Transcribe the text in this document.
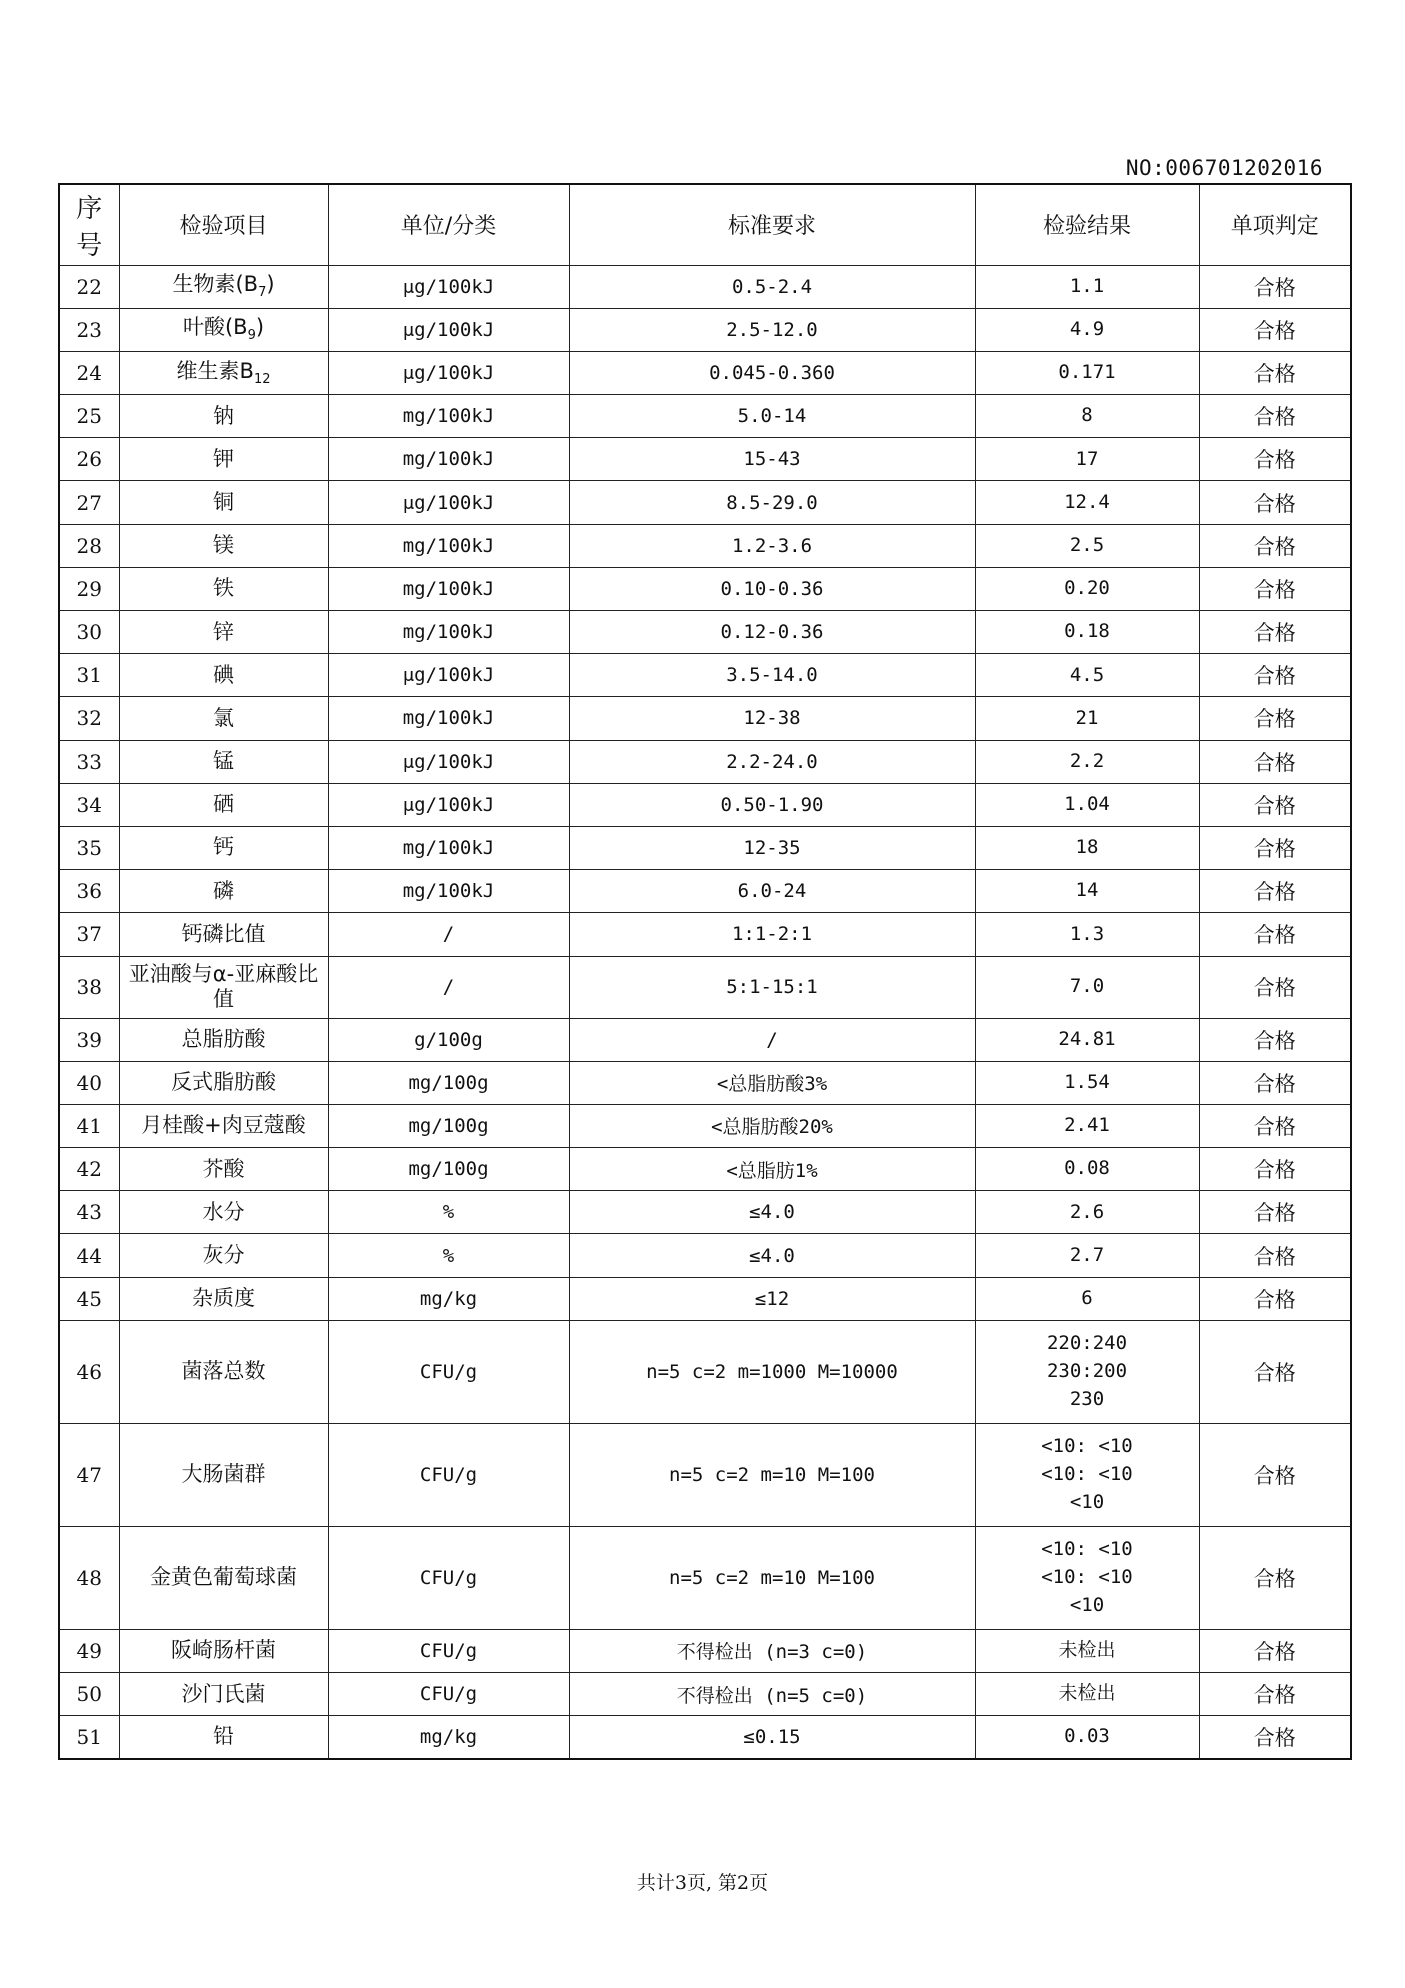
NO:006701202016
序号	检验项目	单位/分类	标准要求	检验结果	单项判定
22	生物素$(B_7)$	μg/100kJ	0.5-2.4	1.1	合格
23	叶酸$(B_9)$	μg/100kJ	2.5-12.0	4.9	合格
24	维生素$B_{12}$	μg/100kJ	0.045-0.360	0.171	合格
25	钠	mg/100kJ	5.0-14	8	合格
26	钾	mg/100kJ	15-43	17	合格
27	铜	μg/100kJ	8.5-29.0	12.4	合格
28	镁	mg/100kJ	1.2-3.6	2.5	合格
29	铁	mg/100kJ	0.10-0.36	0.20	合格
30	锌	mg/100kJ	0.12-0.36	0.18	合格
31	碘	μg/100kJ	3.5-14.0	4.5	合格
32	氯	mg/100kJ	12-38	21	合格
33	锰	μg/100kJ	2.2-24.0	2.2	合格
34	硒	μg/100kJ	0.50-1.90	1.04	合格
35	钙	mg/100kJ	12-35	18	合格
36	磷	mg/100kJ	6.0-24	14	合格
37	钙磷比值	/	1:1-2:1	1.3	合格
38	亚油酸与α-亚麻酸比值	/	5:1-15:1	7.0	合格
39	总脂肪酸	g/100g	/	24.81	合格
40	反式脂肪酸	mg/100g	<总脂肪酸3%	1.54	合格
41	月桂酸+肉豆蔻酸	mg/100g	<总脂肪酸20%	2.41	合格
42	芥酸	mg/100g	<总脂肪1%	0.08	合格
43	水分	%	≤4.0	2.6	合格
44	灰分	%	≤4.0	2.7	合格
45	杂质度	mg/kg	≤12	6	合格
46	菌落总数	CFU/g	n=5 c=2 m=1000 M=10000	220:240
230:200
230	合格
47	大肠菌群	CFU/g	n=5 c=2 m=10 M=100	<10: <10
<10: <10
<10	合格
48	金黄色葡萄球菌	CFU/g	n=5 c=2 m=10 M=100	<10: <10
<10: <10
<10	合格
49	阪崎肠杆菌	CFU/g	不得检出 (n=3 c=0)	未检出	合格
50	沙门氏菌	CFU/g	不得检出 (n=5 c=0)	未检出	合格
51	铅	mg/kg	≤0.15	0.03	合格
共计3页, 第2页
